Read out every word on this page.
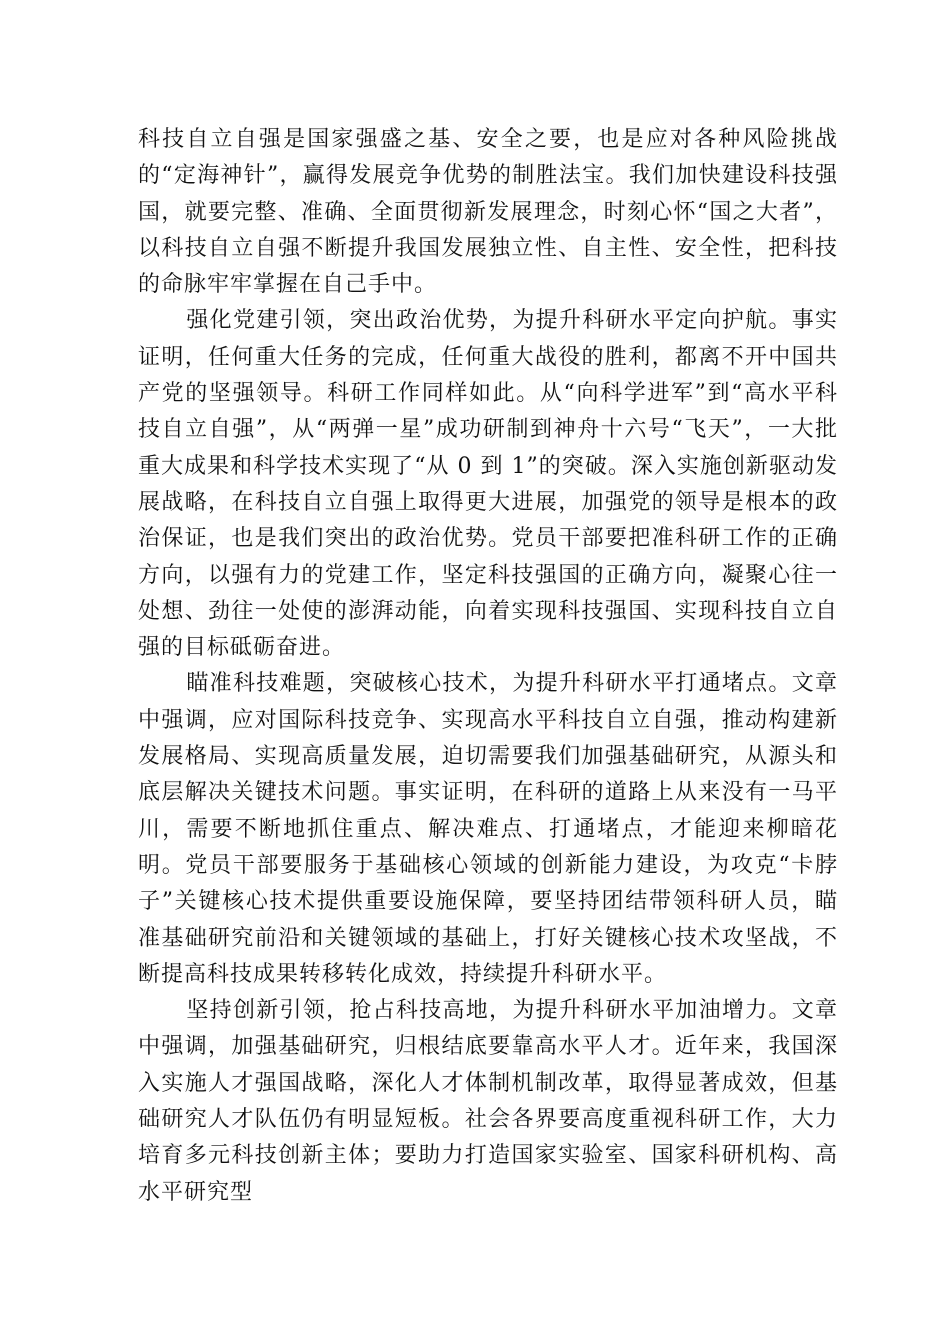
科技自立自强是国家强盛之基、安全之要，也是应对各种风险挑战的“定海神针”，赢得发展竞争优势的制胜法宝。我们加快建设科技强国，就要完整、准确、全面贯彻新发展理念，时刻心怀“国之大者”，以科技自立自强不断提升我国发展独立性、自主性、安全性，把科技的命脉牢牢掌握在自己手中。

强化党建引领，突出政治优势，为提升科研水平定向护航。事实证明，任何重大任务的完成，任何重大战役的胜利，都离不开中国共产党的坚强领导。科研工作同样如此。从“向科学进军”到“高水平科技自立自强”，从“两弹一星”成功研制到神舟十六号“飞天”，一大批重大成果和科学技术实现了“从 0 到 1”的突破。深入实施创新驱动发展战略，在科技自立自强上取得更大进展，加强党的领导是根本的政治保证，也是我们突出的政治优势。党员干部要把准科研工作的正确方向，以强有力的党建工作，坚定科技强国的正确方向，凝聚心往一处想、劲往一处使的澎湃动能，向着实现科技强国、实现科技自立自强的目标砥砺奋进。

瞄准科技难题，突破核心技术，为提升科研水平打通堵点。文章中强调，应对国际科技竞争、实现高水平科技自立自强，推动构建新发展格局、实现高质量发展，迫切需要我们加强基础研究，从源头和底层解决关键技术问题。事实证明，在科研的道路上从来没有一马平川，需要不断地抓住重点、解决难点、打通堵点，才能迎来柳暗花明。党员干部要服务于基础核心领域的创新能力建设，为攻克“卡脖子”关键核心技术提供重要设施保障，要坚持团结带领科研人员，瞄准基础研究前沿和关键领域的基础上，打好关键核心技术攻坚战，不断提高科技成果转移转化成效，持续提升科研水平。

坚持创新引领，抢占科技高地，为提升科研水平加油增力。文章中强调，加强基础研究，归根结底要靠高水平人才。近年来，我国深入实施人才强国战略，深化人才体制机制改革，取得显著成效，但基础研究人才队伍仍有明显短板。社会各界要高度重视科研工作，大力培育多元科技创新主体；要助力打造国家实验室、国家科研机构、高水平研究型
